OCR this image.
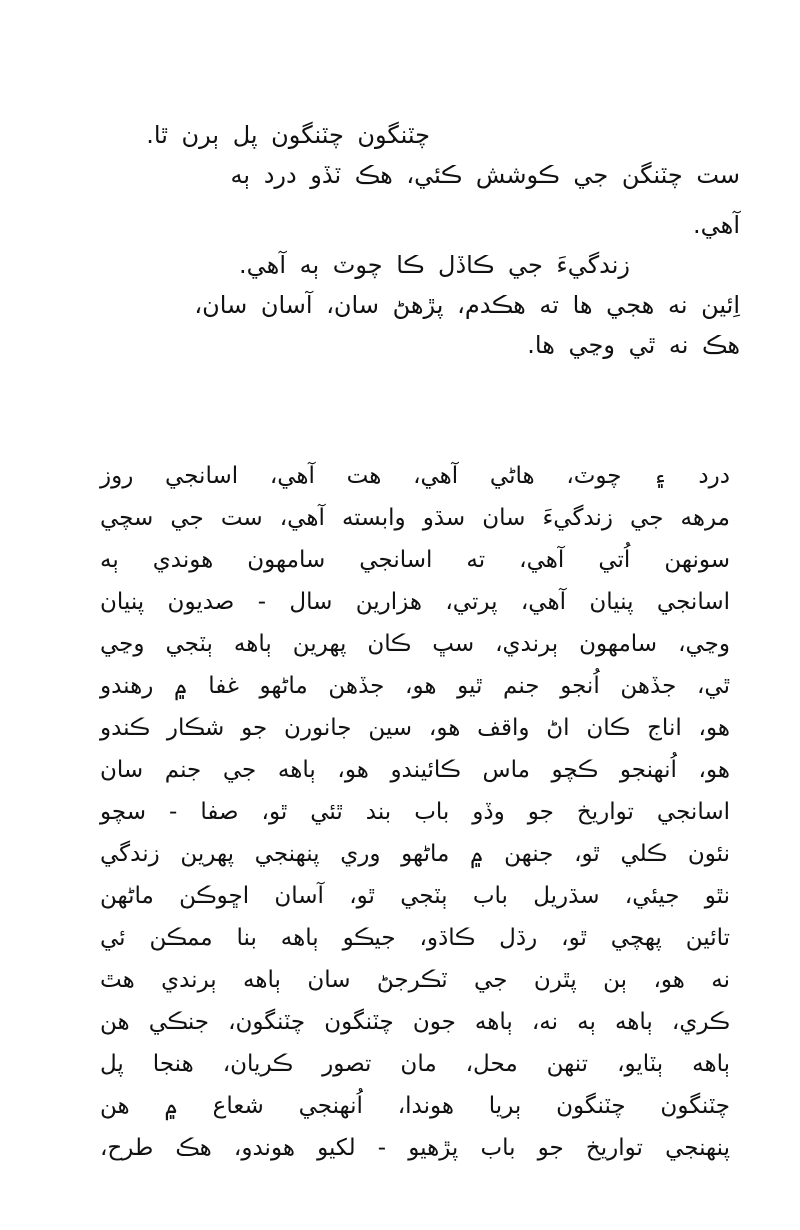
چٽنگون چٽنگون پل ٻرن ٿا.
ست چٽنگن جي ڪوشش ڪئي، هڪ ٽڏو درد ٻه
آهي.
زندگيءَ جي ڪاڏل ڪا چوٽ ٻه آهي.
اِئين نه هجي ها ته هڪدم، پڙهڻ سان، آسان سان،
هڪ نه ٿي وڃي ها.
درد ۽ چوٽ، هاڻي آهي، هت آهي، اسانجي روز
مرهه جي زندگيءَ سان سڌو وابسته آهي، ست جي سچي
سونهن اُتي آهي، ته اسانجي سامهون هوندي ٻه
اسانجي پنيان آهي، پرتي، هزارين سال - صديون پنيان
وڃي، سامهون ٻرندي، سڀ ڪان پهرين ٻاهه ٻٽجي وڃي
ٿي، جڏهن اُنجو جنم ٿيو هو، جڏهن ماڻهو غفا ۾ رهندو
هو، اناج ڪان اڻ واقف هو، سين جانورن جو شڪار ڪندو
هو، اُنهنجو ڪچو ماس ڪائيندو هو، ٻاهه جي جنم سان
اسانجي تواريخ جو وڏو باب بند ٿئي ٿو، صفا - سچو
نئون ڪلي ٿو، جنهن ۾ ماڻهو وري پنهنجي پهرين زندگي
نٿو جيئي، سڌريل باب ٻٽجي ٿو، آسان اڇوڪن ماڻهن
تائين پهچي ٿو، رڌل ڪاڌو، جيڪو ٻاهه بنا ممڪن ئي
نه هو، ٻن پٿرن جي ٽڪرجڻ سان ٻاهه ٻرندي هٿ
ڪري، ٻاهه ٻه نه، ٻاهه جون چٽنگون چٽنگون، جنڪي هن
ٻاهه ٻٽايو، تنهن محل، مان تصور ڪريان، هنجا پل
چٽنگون چٽنگون ٻريا هوندا، اُنهنجي شعاع ۾ هن
پنهنجي تواريخ جو باب پڙهيو - لکيو هوندو، هڪ طرح،
